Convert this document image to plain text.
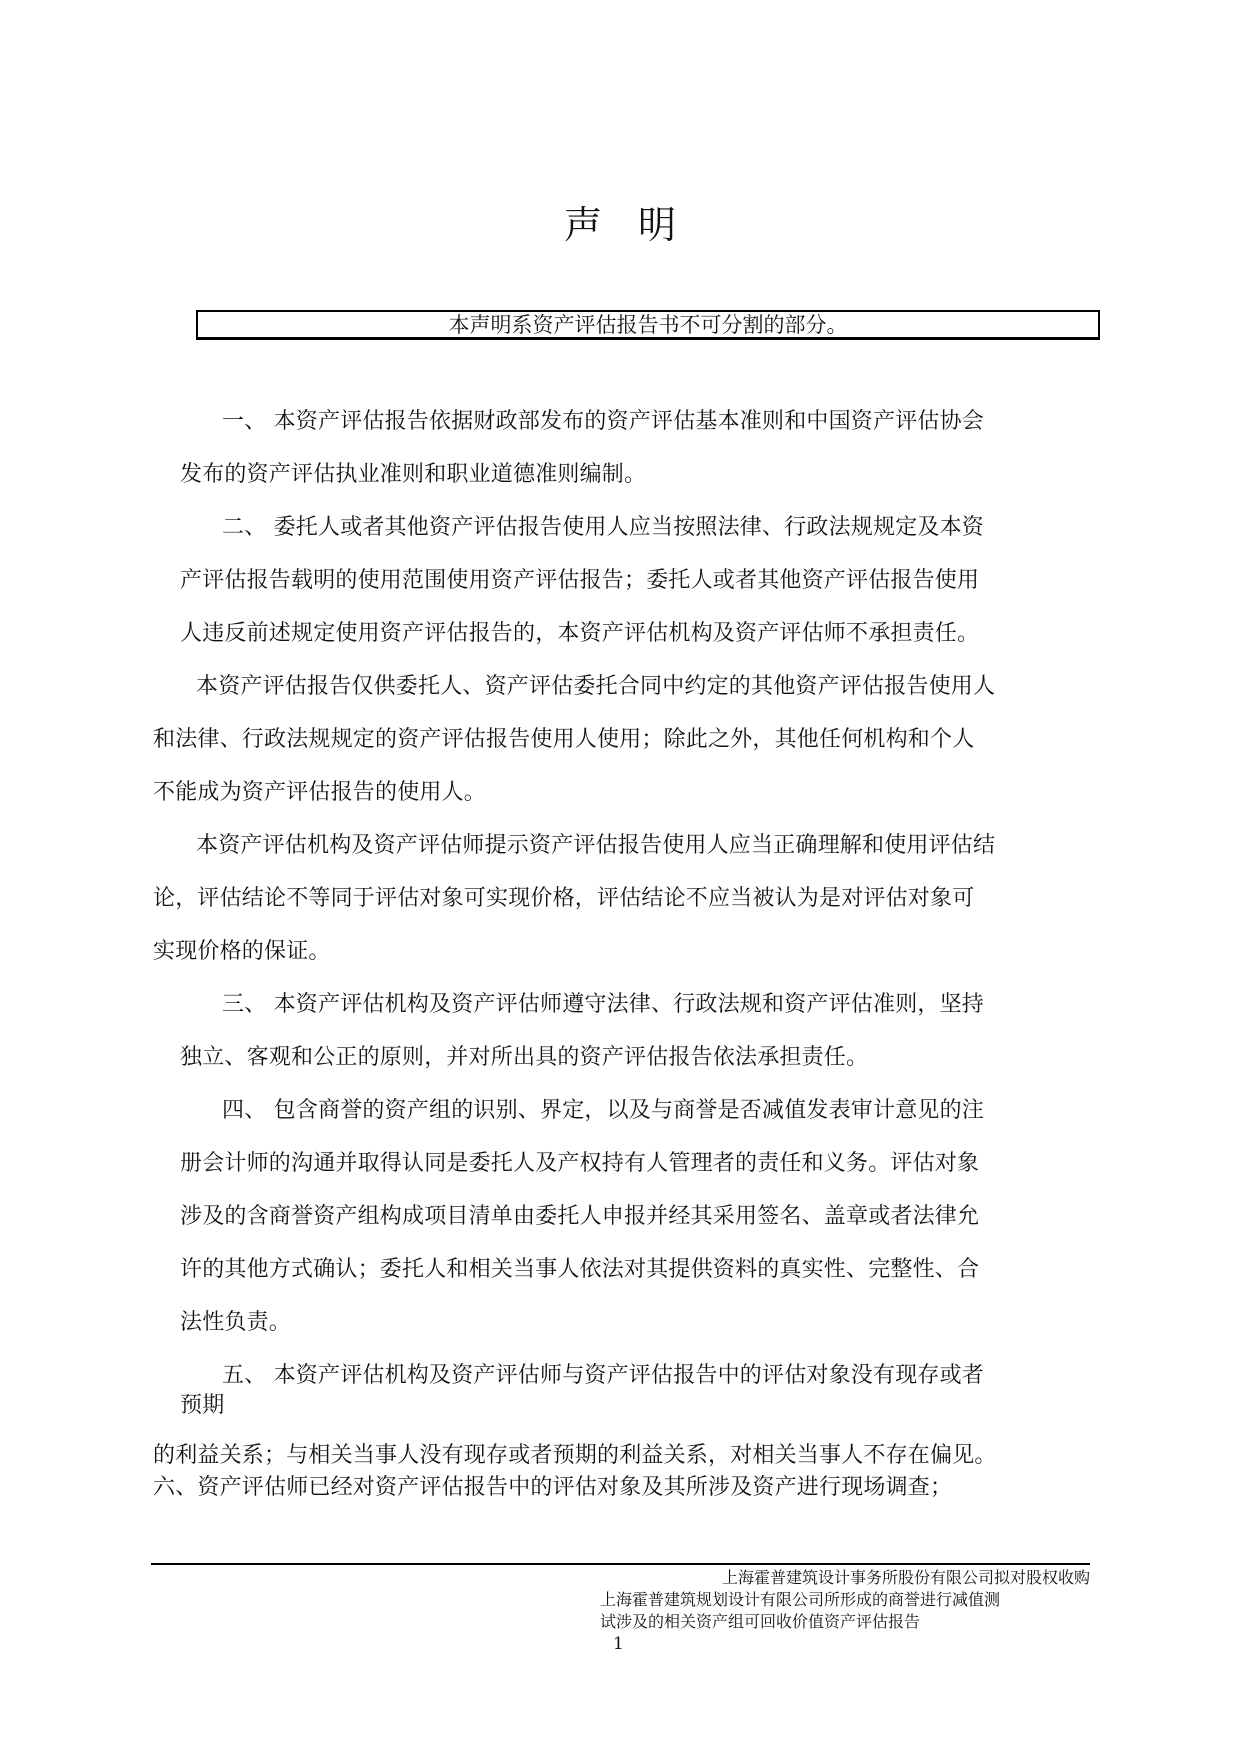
声明
本声明系资产评估报告书不可分割的部分。
一、 本资产评估报告依据财政部发布的资产评估基本准则和中国资产评估协会
发布的资产评估执业准则和职业道德准则编制。
二、 委托人或者其他资产评估报告使用人应当按照法律、行政法规规定及本资
产评估报告载明的使用范围使用资产评估报告；委托人或者其他资产评估报告使用
人违反前述规定使用资产评估报告的，本资产评估机构及资产评估师不承担责任。
本资产评估报告仅供委托人、资产评估委托合同中约定的其他资产评估报告使用人
和法律、行政法规规定的资产评估报告使用人使用；除此之外，其他任何机构和个人
不能成为资产评估报告的使用人。
本资产评估机构及资产评估师提示资产评估报告使用人应当正确理解和使用评估结
论，评估结论不等同于评估对象可实现价格，评估结论不应当被认为是对评估对象可
实现价格的保证。
三、 本资产评估机构及资产评估师遵守法律、行政法规和资产评估准则，坚持
独立、客观和公正的原则，并对所出具的资产评估报告依法承担责任。
四、 包含商誉的资产组的识别、界定，以及与商誉是否减值发表审计意见的注
册会计师的沟通并取得认同是委托人及产权持有人管理者的责任和义务。评估对象
涉及的含商誉资产组构成项目清单由委托人申报并经其采用签名、盖章或者法律允
许的其他方式确认；委托人和相关当事人依法对其提供资料的真实性、完整性、合
法性负责。
五、 本资产评估机构及资产评估师与资产评估报告中的评估对象没有现存或者
预期
的利益关系；与相关当事人没有现存或者预期的利益关系，对相关当事人不存在偏见。
六、资产评估师已经对资产评估报告中的评估对象及其所涉及资产进行现场调查；
上海霍普建筑设计事务所股份有限公司拟对股权收购
上海霍普建筑规划设计有限公司所形成的商誉进行减值测
试涉及的相关资产组可回收价值资产评估报告
1
